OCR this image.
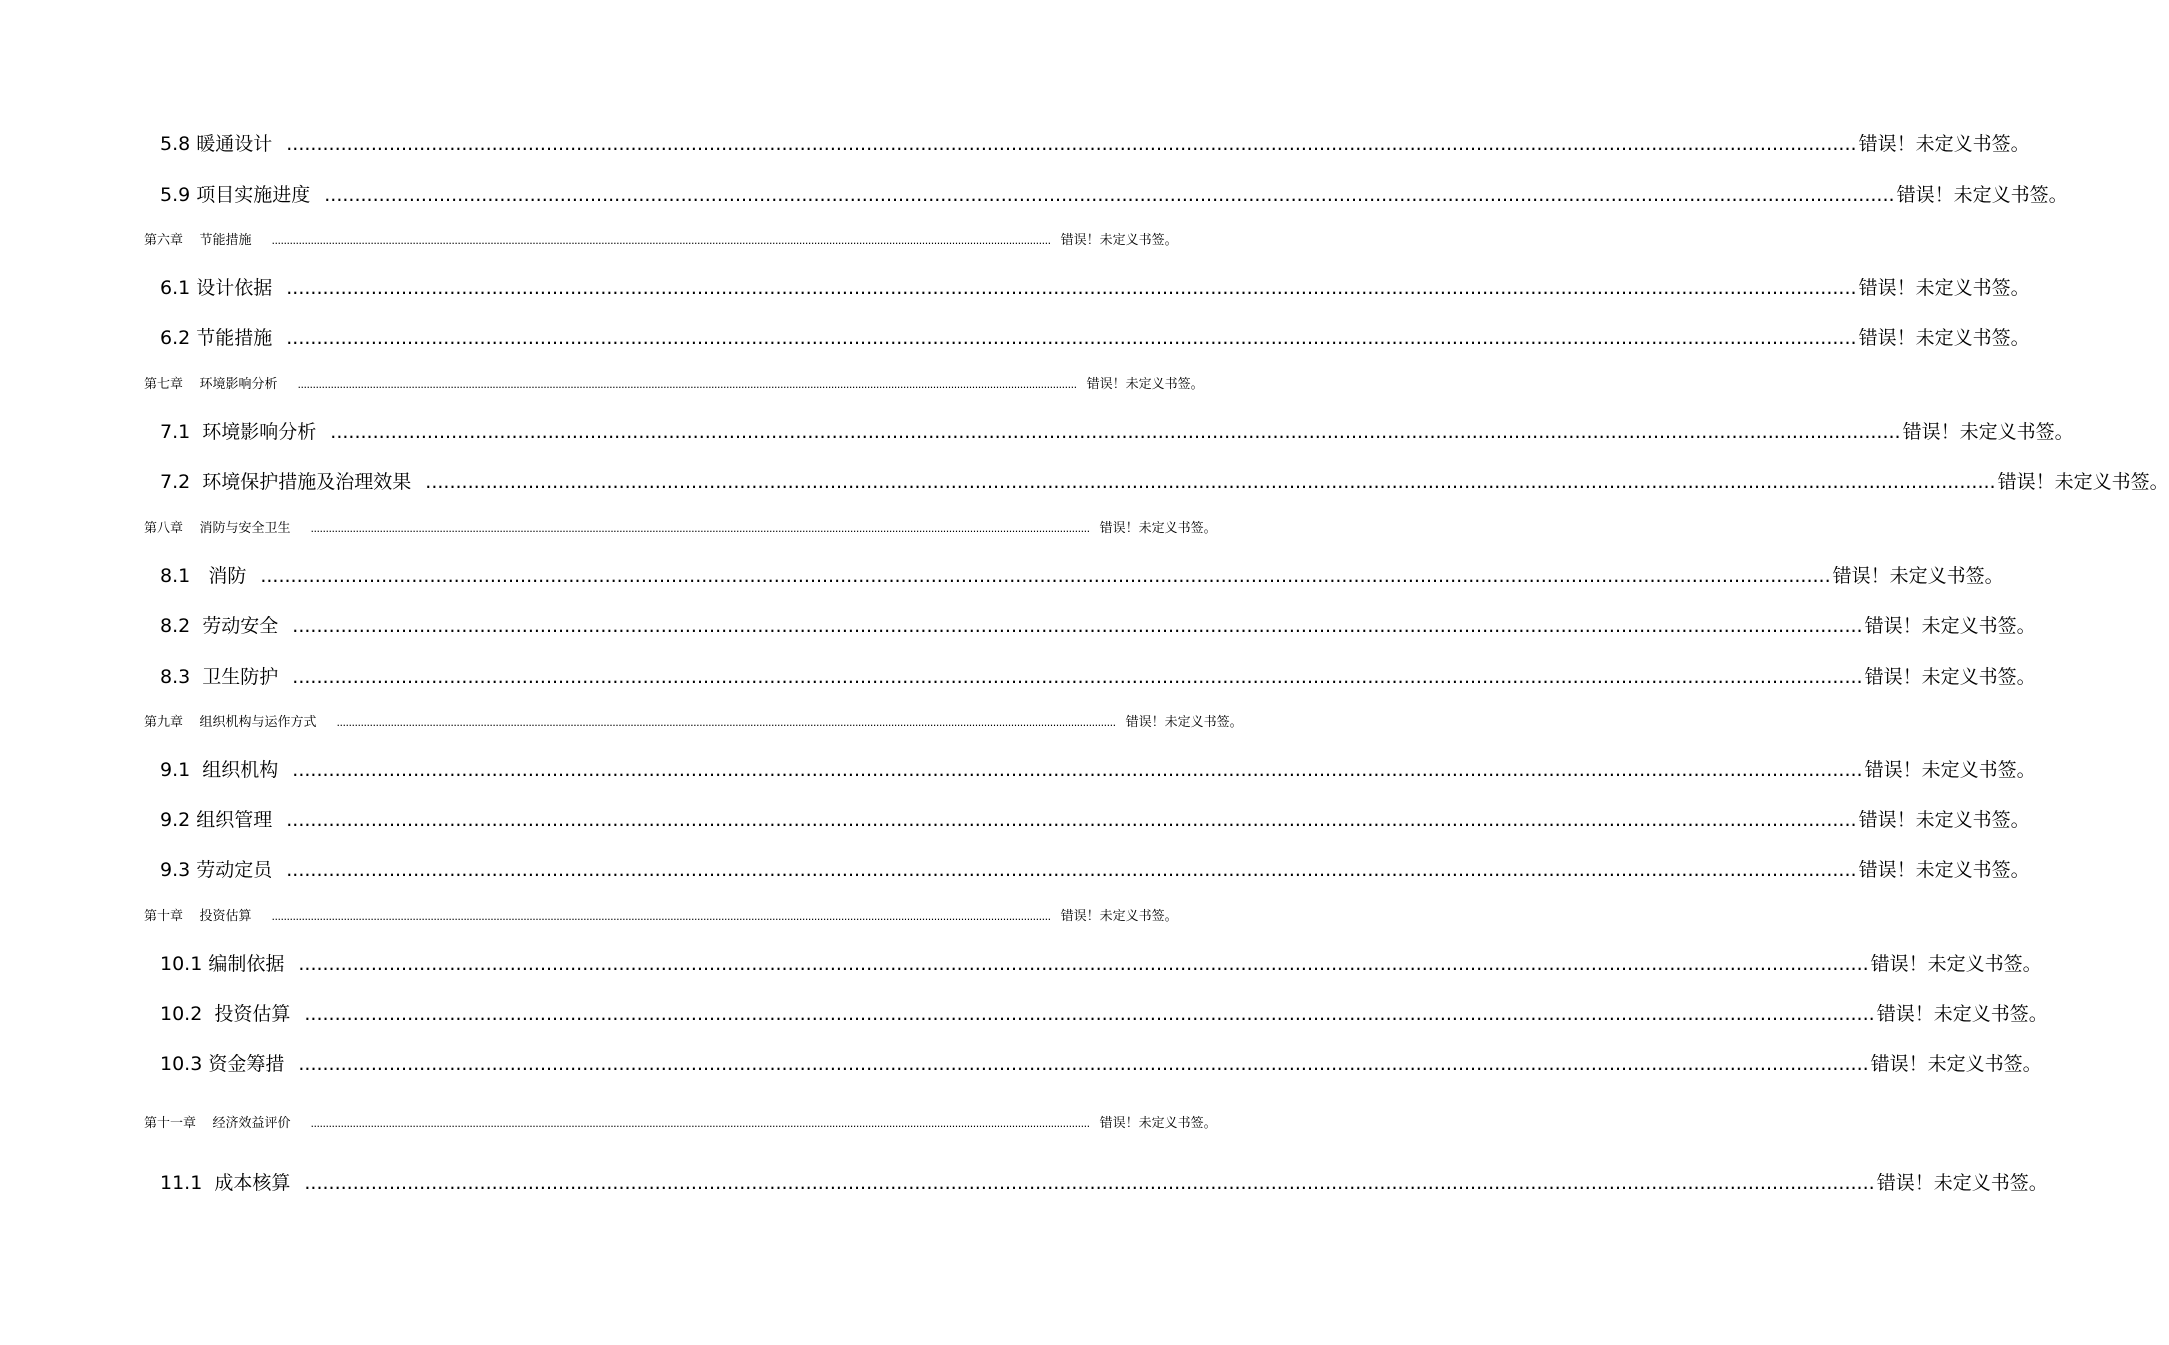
5.8 暖通设计 .................................................................................................................................................................................................................................................................... 错误！未定义书签。
5.9 项目实施进度 .................................................................................................................................................................................................................................................................... 错误！未定义书签。
第六章    节能措施 .................................................................................................................................................................................................................................................................... 错误！未定义书签。
6.1 设计依据 .................................................................................................................................................................................................................................................................... 错误！未定义书签。
6.2 节能措施 .................................................................................................................................................................................................................................................................... 错误！未定义书签。
第七章    环境影响分析 .................................................................................................................................................................................................................................................................... 错误！未定义书签。
7.1  环境影响分析 .................................................................................................................................................................................................................................................................... 错误！未定义书签。
7.2  环境保护措施及治理效果 .................................................................................................................................................................................................................................................................... 错误！未定义书签。
第八章    消防与安全卫生 .................................................................................................................................................................................................................................................................... 错误！未定义书签。
8.1   消防 .................................................................................................................................................................................................................................................................... 错误！未定义书签。
8.2  劳动安全 .................................................................................................................................................................................................................................................................... 错误！未定义书签。
8.3  卫生防护 .................................................................................................................................................................................................................................................................... 错误！未定义书签。
第九章    组织机构与运作方式 .................................................................................................................................................................................................................................................................... 错误！未定义书签。
9.1  组织机构 .................................................................................................................................................................................................................................................................... 错误！未定义书签。
9.2 组织管理 .................................................................................................................................................................................................................................................................... 错误！未定义书签。
9.3 劳动定员 .................................................................................................................................................................................................................................................................... 错误！未定义书签。
第十章    投资估算 .................................................................................................................................................................................................................................................................... 错误！未定义书签。
10.1 编制依据 .................................................................................................................................................................................................................................................................... 错误！未定义书签。
10.2  投资估算 .................................................................................................................................................................................................................................................................... 错误！未定义书签。
10.3 资金筹措 .................................................................................................................................................................................................................................................................... 错误！未定义书签。
第十一章    经济效益评价 .................................................................................................................................................................................................................................................................... 错误！未定义书签。
11.1  成本核算 .................................................................................................................................................................................................................................................................... 错误！未定义书签。
